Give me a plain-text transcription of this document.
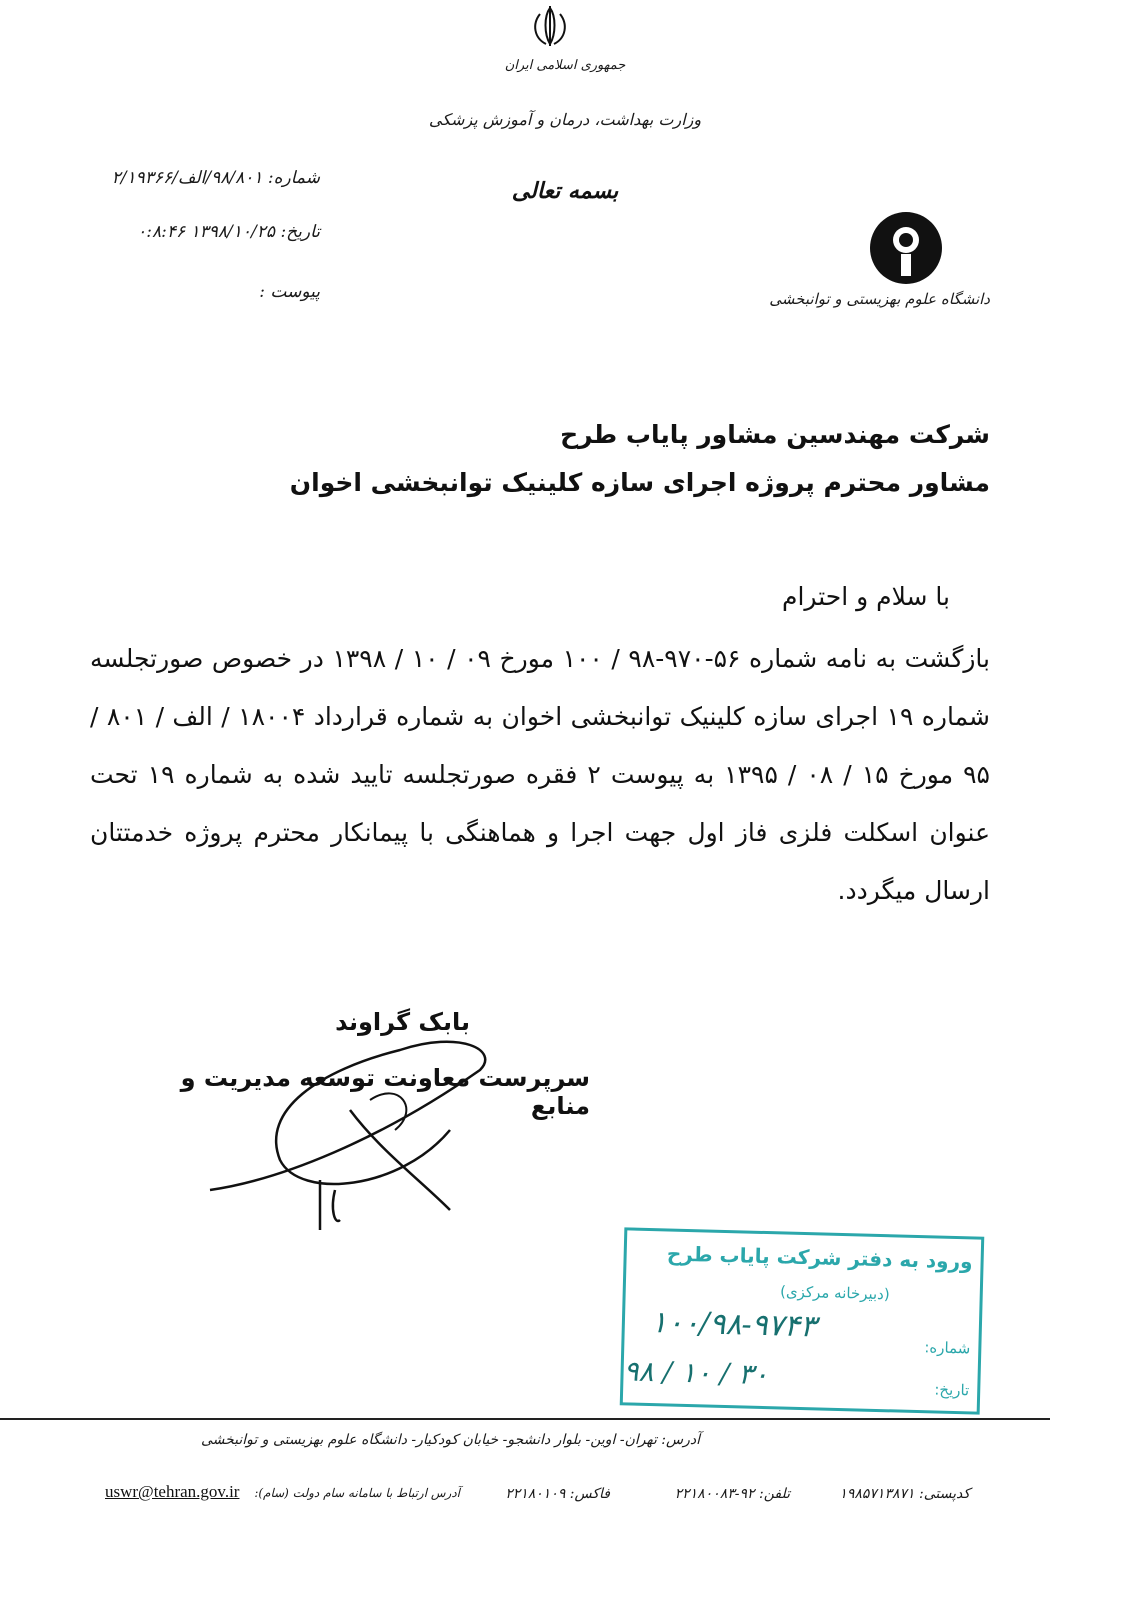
جمهوری اسلامی ایران
وزارت بهداشت، درمان و آموزش پزشکی
بسمه تعالی
شماره: ۹۸/۸۰۱/الف/۲/۱۹۳۶۶
تاریخ: ۱۳۹۸/۱۰/۲۵ ۰:۸:۴۶
پیوست :	دانشگاه علوم بهزیستی و توانبخشی
شرکت مهندسین مشاور پایاب طرح
مشاور محترم پروژه اجرای سازه کلینیک توانبخشی اخوان
با سلام و احترام

بازگشت به نامه شماره ۵۶-۹۷۰-۹۸ / ۱۰۰ مورخ ۰۹ / ۱۰ / ۱۳۹۸ در خصوص صورتجلسه شماره ۱۹ اجرای سازه کلینیک توانبخشی اخوان به شماره قرارداد ۱۸۰۰۴ / الف / ۸۰۱ / ۹۵ مورخ ۱۵ / ۰۸ / ۱۳۹۵ به پیوست ۲ فقره صورتجلسه تایید شده به شماره ۱۹ تحت عنوان اسکلت فلزی فاز اول جهت اجرا و هماهنگی با پیمانکار محترم پروژه خدمتتان ارسال میگردد.

بابک گراوند
سرپرست معاونت توسعه مدیریت و منابع
ورود به دفتر شرکت پایاب طرح
(دبیرخانه مرکزی)
شماره:
تاریخ:
۱۰۰/۹۸-۹۷۴۳
۹۸ / ۱۰ / ۳۰
آدرس: تهران- اوین- بلوار دانشجو- خیابان کودکیار- دانشگاه علوم بهزیستی و توانبخشی
کدپستی: ۱۹۸۵۷۱۳۸۷۱
تلفن: ۹۲-۲۲۱۸۰۰۸۳
فاکس: ۲۲۱۸۰۱۰۹
آدرس ارتباط با سامانه سام دولت (سام):
uswr@tehran.gov.ir
